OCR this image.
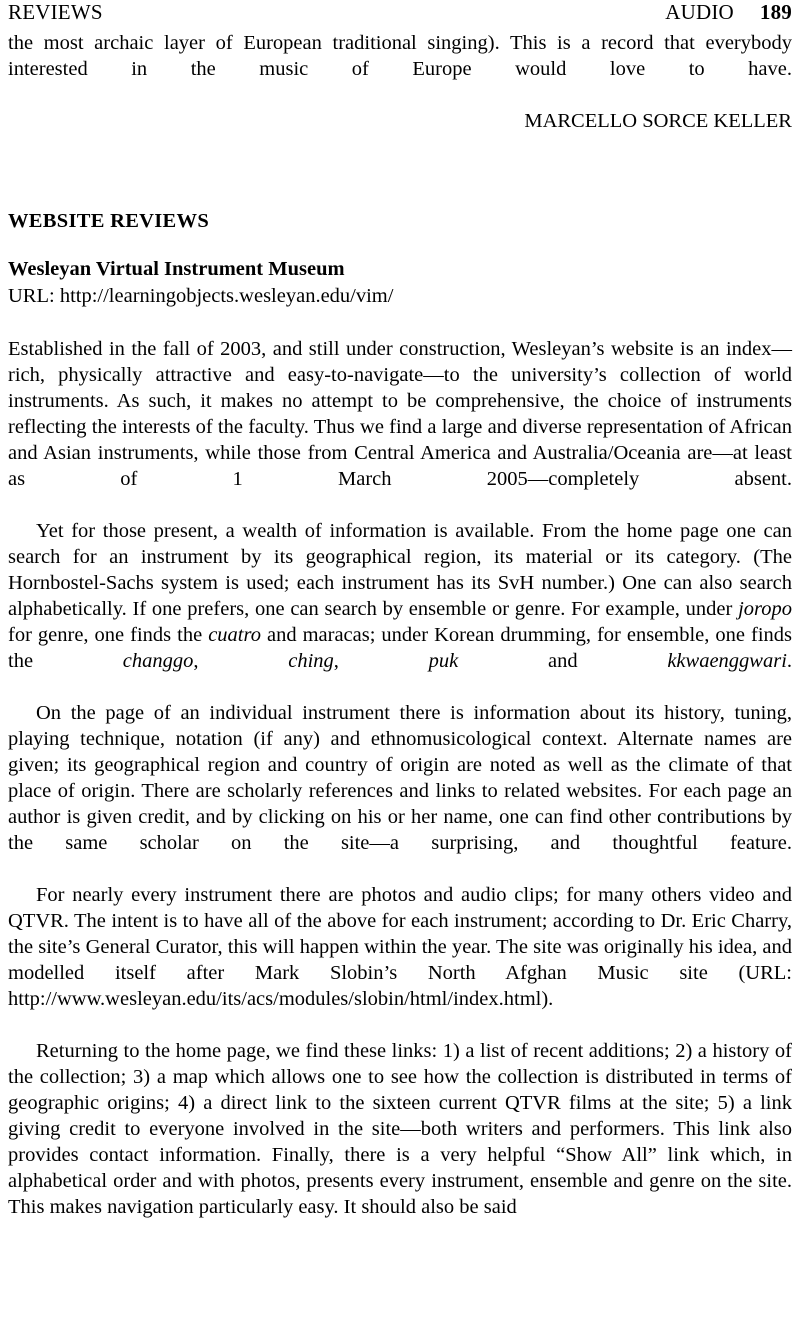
REVIEWS	AUDIO 189

the most archaic layer of European traditional singing). This is a record that everybody interested in the music of Europe would love to have.

MARCELLO SORCE KELLER

WEBSITE REVIEWS
Wesleyan Virtual Instrument Museum

URL: http://learningobjects.wesleyan.edu/vim/

Established in the fall of 2003, and still under construction, Wesleyan’s website is an index—rich, physically attractive and easy-to-navigate—to the university’s collection of world instruments. As such, it makes no attempt to be comprehensive, the choice of instruments reflecting the interests of the faculty. Thus we find a large and diverse representation of African and Asian instruments, while those from Central America and Australia/Oceania are—at least as of 1 March 2005—completely absent.

Yet for those present, a wealth of information is available. From the home page one can search for an instrument by its geographical region, its material or its category. (The Hornbostel-Sachs system is used; each instrument has its SvH number.) One can also search alphabetically. If one prefers, one can search by ensemble or genre. For example, under joropo for genre, one finds the cuatro and maracas; under Korean drumming, for ensemble, one finds the changgo, ching, puk and kkwaenggwari.

On the page of an individual instrument there is information about its history, tuning, playing technique, notation (if any) and ethnomusicological context. Alternate names are given; its geographical region and country of origin are noted as well as the climate of that place of origin. There are scholarly references and links to related websites. For each page an author is given credit, and by clicking on his or her name, one can find other contributions by the same scholar on the site—a surprising, and thoughtful feature.

For nearly every instrument there are photos and audio clips; for many others video and QTVR. The intent is to have all of the above for each instrument; according to Dr. Eric Charry, the site’s General Curator, this will happen within the year. The site was originally his idea, and modelled itself after Mark Slobin’s North Afghan Music site (URL: http://www.wesleyan.edu/its/acs/modules/slobin/html/index.html).

Returning to the home page, we find these links: 1) a list of recent additions; 2) a history of the collection; 3) a map which allows one to see how the collection is distributed in terms of geographic origins; 4) a direct link to the sixteen current QTVR films at the site; 5) a link giving credit to everyone involved in the site—both writers and performers. This link also provides contact information. Finally, there is a very helpful “Show All” link which, in alphabetical order and with photos, presents every instrument, ensemble and genre on the site. This makes navigation particularly easy. It should also be said
